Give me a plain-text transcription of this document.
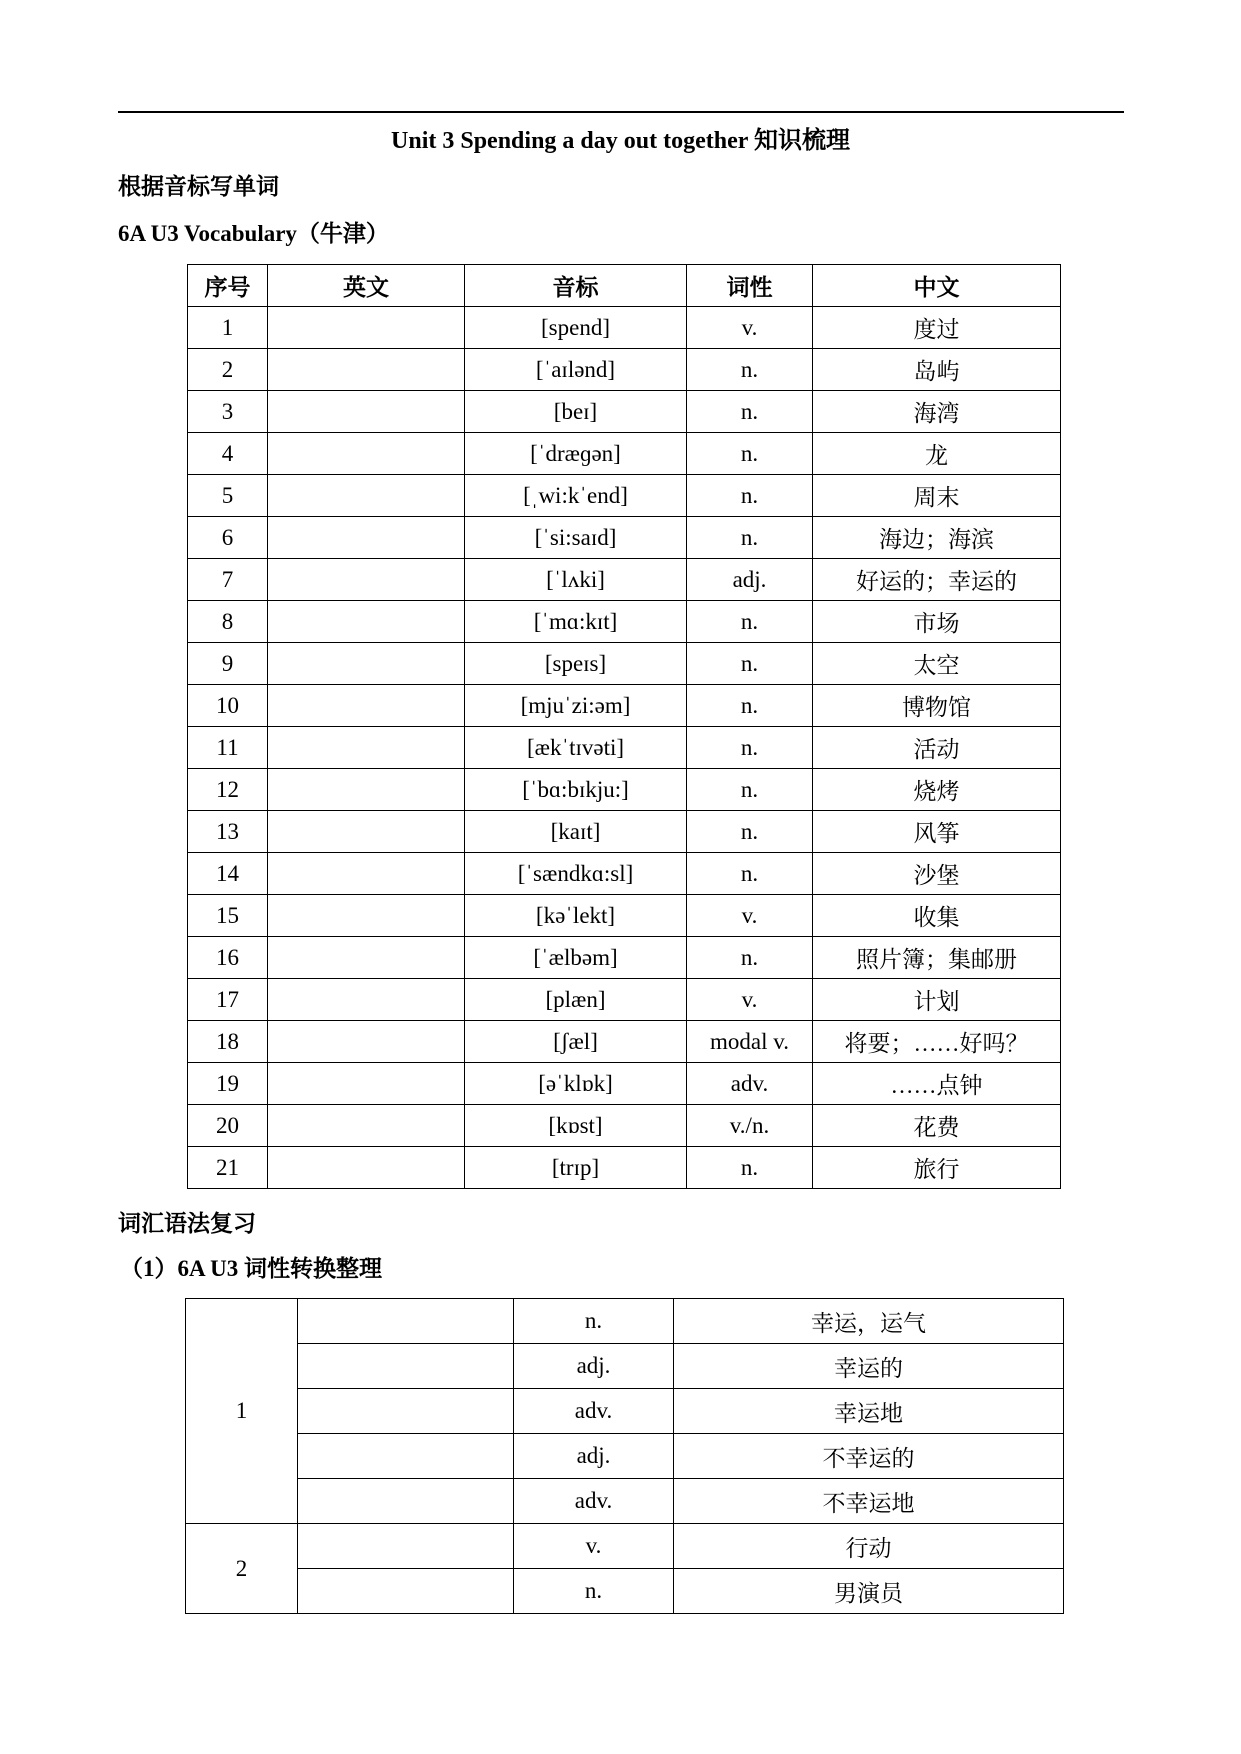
Unit 3 Spending a day out together 知识梳理
根据音标写单词
6A U3 Vocabulary（牛津）
序号	英文	音标	词性	中文
1		[spend]	v.	度过
2		[ˈaɪlənd]	n.	岛屿
3		[beɪ]	n.	海湾
4		[ˈdræɡən]	n.	龙
5		[ˌwi:kˈend]	n.	周末
6		[ˈsi:saɪd]	n.	海边；海滨
7		[ˈlʌki]	adj.	好运的；幸运的
8		[ˈmɑ:kɪt]	n.	市场
9		[speɪs]	n.	太空
10		[mjuˈzi:əm]	n.	博物馆
11		[ækˈtɪvəti]	n.	活动
12		[ˈbɑ:bɪkju:]	n.	烧烤
13		[kaɪt]	n.	风筝
14		[ˈsændkɑ:sl]	n.	沙堡
15		[kəˈlekt]	v.	收集
16		[ˈælbəm]	n.	照片簿；集邮册
17		[plæn]	v.	计划
18		[ʃæl]	modal v.	将要；……好吗？
19		[əˈklɒk]	adv.	……点钟
20		[kɒst]	v./n.	花费
21		[trɪp]	n.	旅行
词汇语法复习
（1）6A U3 词性转换整理
1		n.	幸运，运气
		adj.	幸运的
		adv.	幸运地
		adj.	不幸运的
		adv.	不幸运地
2		v.	行动
		n.	男演员
